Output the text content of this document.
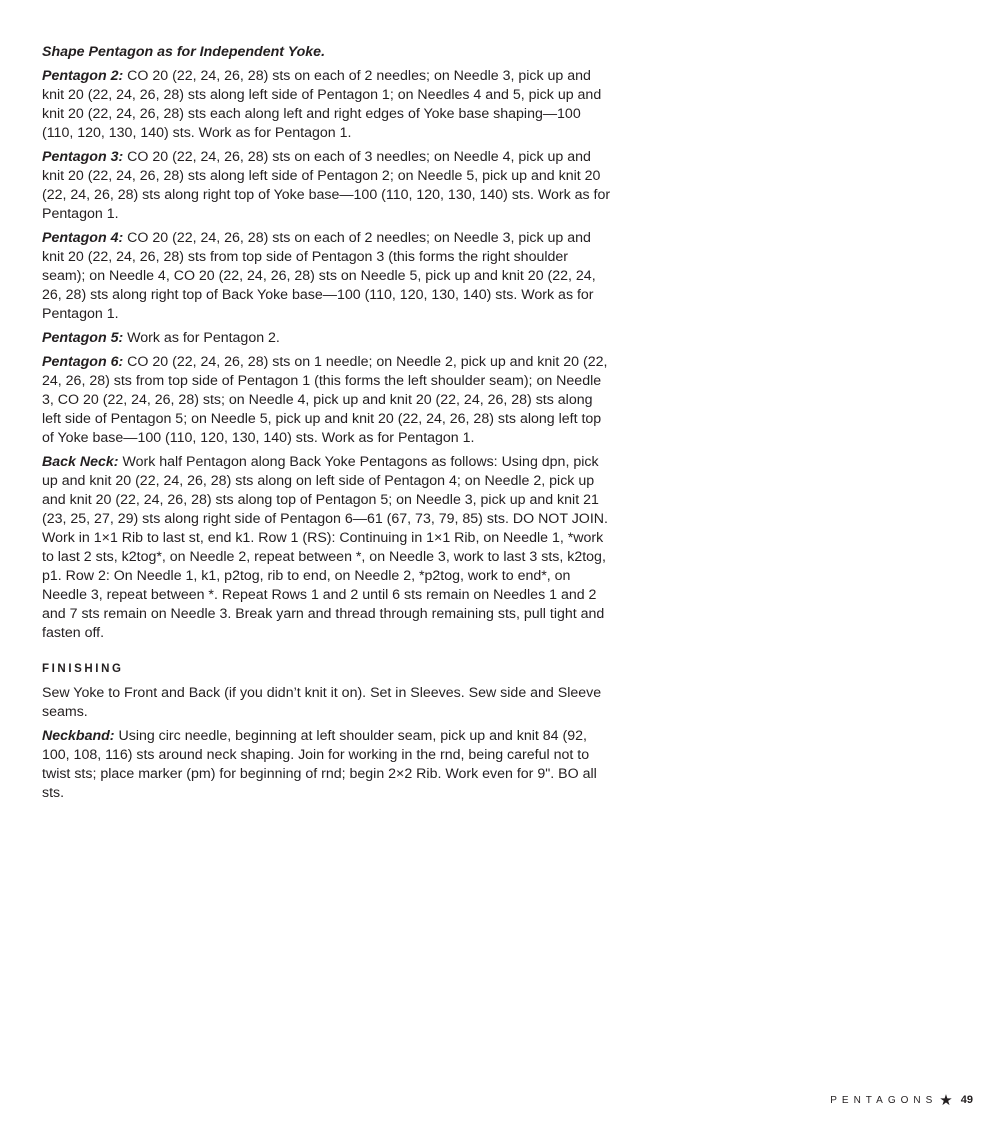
Shape Pentagon as for Independent Yoke.

Pentagon 2: CO 20 (22, 24, 26, 28) sts on each of 2 needles; on Needle 3, pick up and knit 20 (22, 24, 26, 28) sts along left side of Pentagon 1; on Needles 4 and 5, pick up and knit 20 (22, 24, 26, 28) sts each along left and right edges of Yoke base shaping—100 (110, 120, 130, 140) sts. Work as for Pentagon 1.

Pentagon 3: CO 20 (22, 24, 26, 28) sts on each of 3 needles; on Needle 4, pick up and knit 20 (22, 24, 26, 28) sts along left side of Pentagon 2; on Needle 5, pick up and knit 20 (22, 24, 26, 28) sts along right top of Yoke base—100 (110, 120, 130, 140) sts. Work as for Pentagon 1.

Pentagon 4: CO 20 (22, 24, 26, 28) sts on each of 2 needles; on Needle 3, pick up and knit 20 (22, 24, 26, 28) sts from top side of Pentagon 3 (this forms the right shoulder seam); on Needle 4, CO 20 (22, 24, 26, 28) sts on Needle 5, pick up and knit 20 (22, 24, 26, 28) sts along right top of Back Yoke base—100 (110, 120, 130, 140) sts. Work as for Pentagon 1.

Pentagon 5: Work as for Pentagon 2.

Pentagon 6: CO 20 (22, 24, 26, 28) sts on 1 needle; on Needle 2, pick up and knit 20 (22, 24, 26, 28) sts from top side of Pentagon 1 (this forms the left shoulder seam); on Needle 3, CO 20 (22, 24, 26, 28) sts; on Needle 4, pick up and knit 20 (22, 24, 26, 28) sts along left side of Pentagon 5; on Needle 5, pick up and knit 20 (22, 24, 26, 28) sts along left top of Yoke base—100 (110, 120, 130, 140) sts. Work as for Pentagon 1.

Back Neck: Work half Pentagon along Back Yoke Pentagons as follows: Using dpn, pick up and knit 20 (22, 24, 26, 28) sts along on left side of Pentagon 4; on Needle 2, pick up and knit 20 (22, 24, 26, 28) sts along top of Pentagon 5; on Needle 3, pick up and knit 21 (23, 25, 27, 29) sts along right side of Pentagon 6—61 (67, 73, 79, 85) sts. DO NOT JOIN. Work in 1×1 Rib to last st, end k1. Row 1 (RS): Continuing in 1×1 Rib, on Needle 1, *work to last 2 sts, k2tog*, on Needle 2, repeat between *, on Needle 3, work to last 3 sts, k2tog, p1. Row 2: On Needle 1, k1, p2tog, rib to end, on Needle 2, *p2tog, work to end*, on Needle 3, repeat between *. Repeat Rows 1 and 2 until 6 sts remain on Needles 1 and 2 and 7 sts remain on Needle 3. Break yarn and thread through remaining sts, pull tight and fasten off.

FINISHING

Sew Yoke to Front and Back (if you didn’t knit it on). Set in Sleeves. Sew side and Sleeve seams.

Neckband: Using circ needle, beginning at left shoulder seam, pick up and knit 84 (92, 100, 108, 116) sts around neck shaping. Join for working in the rnd, being careful not to twist sts; place marker (pm) for beginning of rnd; begin 2×2 Rib. Work even for 9". BO all sts.

PENTAGONS ★ 49
